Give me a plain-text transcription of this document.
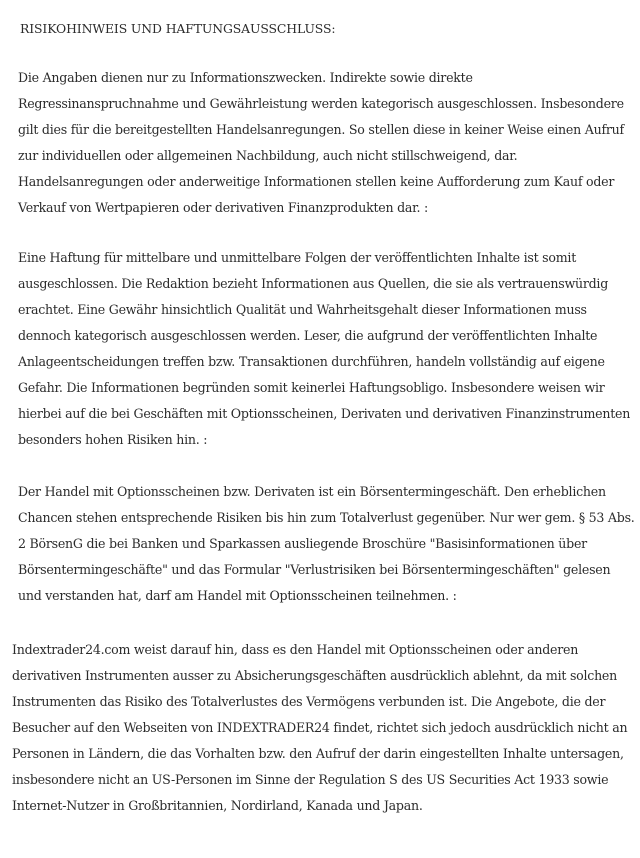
RISIKOHINWEIS UND HAFTUNGSAUSSCHLUSS:

Die Angaben dienen nur zu Informationszwecken. Indirekte sowie direkte
Regressinanspruchnahme und Gewährleistung werden kategorisch ausgeschlossen. Insbesondere
gilt dies für die bereitgestellten Handelsanregungen. So stellen diese in keiner Weise einen Aufruf
zur individuellen oder allgemeinen Nachbildung, auch nicht stillschweigend, dar.
Handelsanregungen oder anderweitige Informationen stellen keine Aufforderung zum Kauf oder
Verkauf von Wertpapieren oder derivativen Finanzprodukten dar. :

Eine Haftung für mittelbare und unmittelbare Folgen der veröffentlichten Inhalte ist somit
ausgeschlossen. Die Redaktion bezieht Informationen aus Quellen, die sie als vertrauenswürdig
erachtet. Eine Gewähr hinsichtlich Qualität und Wahrheitsgehalt dieser Informationen muss
dennoch kategorisch ausgeschlossen werden. Leser, die aufgrund der veröffentlichten Inhalte
Anlageentscheidungen treffen bzw. Transaktionen durchführen, handeln vollständig auf eigene
Gefahr. Die Informationen begründen somit keinerlei Haftungsobligo. Insbesondere weisen wir
hierbei auf die bei Geschäften mit Optionsscheinen, Derivaten und derivativen Finanzinstrumenten
besonders hohen Risiken hin. :

Der Handel mit Optionsscheinen bzw. Derivaten ist ein Börsentermingeschäft. Den erheblichen
Chancen stehen entsprechende Risiken bis hin zum Totalverlust gegenüber. Nur wer gem. § 53 Abs.
2 BörsenG die bei Banken und Sparkassen ausliegende Broschüre "Basisinformationen über
Börsentermingeschäfte" und das Formular "Verlustrisiken bei Börsentermingeschäften" gelesen
und verstanden hat, darf am Handel mit Optionsscheinen teilnehmen. :

Indextrader24.com weist darauf hin, dass es den Handel mit Optionsscheinen oder anderen
derivativen Instrumenten ausser zu Absicherungsgeschäften ausdrücklich ablehnt, da mit solchen
Instrumenten das Risiko des Totalverlustes des Vermögens verbunden ist. Die Angebote, die der
Besucher auf den Webseiten von INDEXTRADER24 findet, richtet sich jedoch ausdrücklich nicht an
Personen in Ländern, die das Vorhalten bzw. den Aufruf der darin eingestellten Inhalte untersagen,
insbesondere nicht an US-Personen im Sinne der Regulation S des US Securities Act 1933 sowie
Internet-Nutzer in Großbritannien, Nordirland, Kanada und Japan.
